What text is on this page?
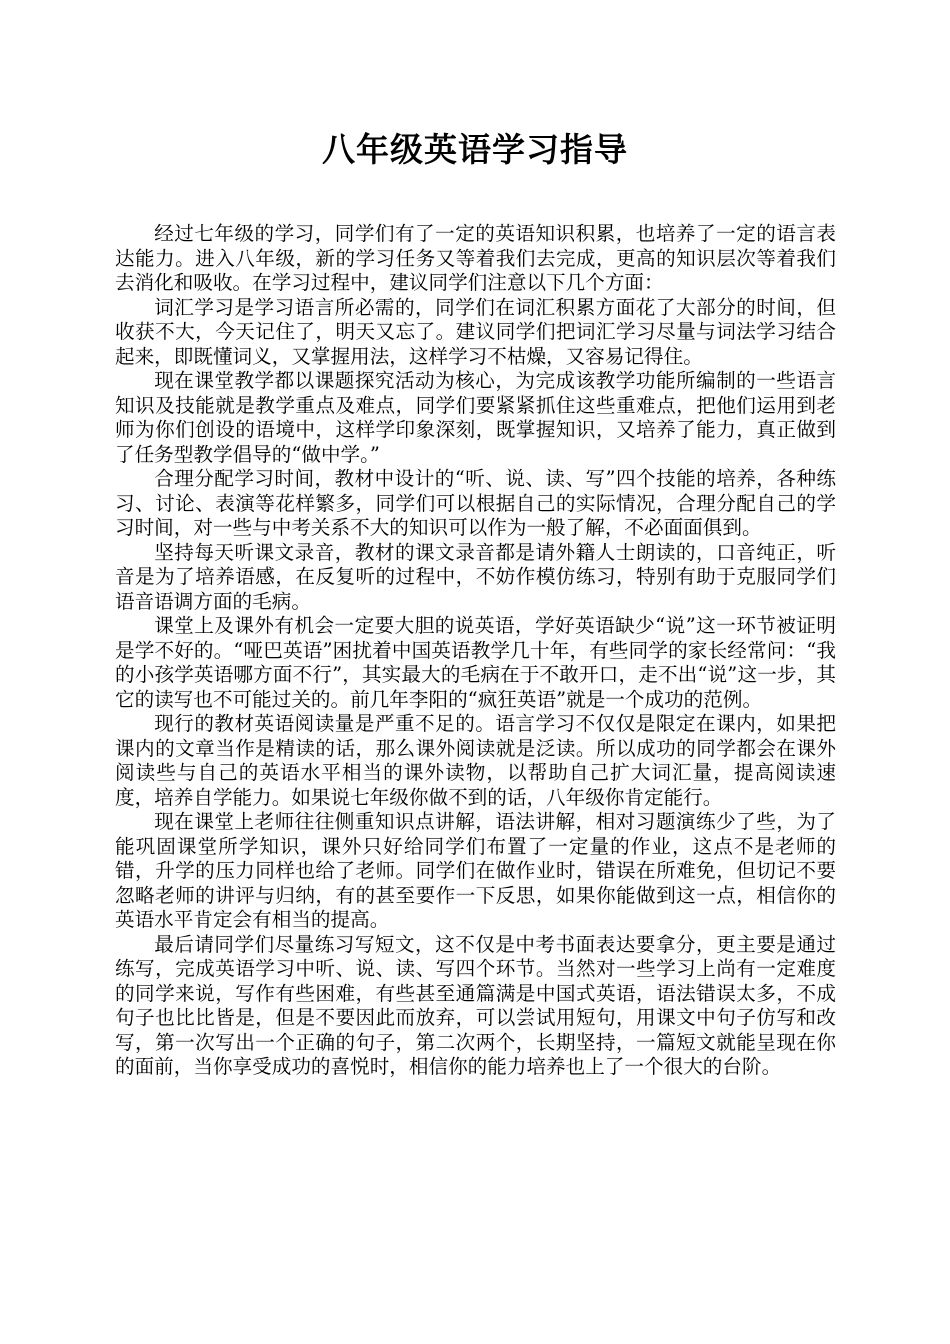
八年级英语学习指导

经过七年级的学习，同学们有了一定的英语知识积累，也培养了一定的语言表达能力。进入八年级，新的学习任务又等着我们去完成，更高的知识层次等着我们去消化和吸收。在学习过程中，建议同学们注意以下几个方面：

词汇学习是学习语言所必需的，同学们在词汇积累方面花了大部分的时间，但收获不大，今天记住了，明天又忘了。建议同学们把词汇学习尽量与词法学习结合起来，即既懂词义，又掌握用法，这样学习不枯燥，又容易记得住。

现在课堂教学都以课题探究活动为核心，为完成该教学功能所编制的一些语言知识及技能就是教学重点及难点，同学们要紧紧抓住这些重难点，把他们运用到老师为你们创设的语境中，这样学印象深刻，既掌握知识，又培养了能力，真正做到了任务型教学倡导的“做中学。”

合理分配学习时间，教材中设计的“听、说、读、写”四个技能的培养，各种练习、讨论、表演等花样繁多，同学们可以根据自己的实际情况，合理分配自己的学习时间，对一些与中考关系不大的知识可以作为一般了解，不必面面俱到。

坚持每天听课文录音，教材的课文录音都是请外籍人士朗读的，口音纯正，听音是为了培养语感，在反复听的过程中，不妨作模仿练习，特别有助于克服同学们语音语调方面的毛病。

课堂上及课外有机会一定要大胆的说英语，学好英语缺少“说”这一环节被证明是学不好的。“哑巴英语”困扰着中国英语教学几十年，有些同学的家长经常问：“我的小孩学英语哪方面不行”，其实最大的毛病在于不敢开口，走不出“说”这一步，其它的读写也不可能过关的。前几年李阳的“疯狂英语”就是一个成功的范例。

现行的教材英语阅读量是严重不足的。语言学习不仅仅是限定在课内，如果把课内的文章当作是精读的话，那么课外阅读就是泛读。所以成功的同学都会在课外阅读些与自己的英语水平相当的课外读物，以帮助自己扩大词汇量，提高阅读速度，培养自学能力。如果说七年级你做不到的话，八年级你肯定能行。

现在课堂上老师往往侧重知识点讲解，语法讲解，相对习题演练少了些，为了能巩固课堂所学知识，课外只好给同学们布置了一定量的作业，这点不是老师的错，升学的压力同样也给了老师。同学们在做作业时，错误在所难免，但切记不要忽略老师的讲评与归纳，有的甚至要作一下反思，如果你能做到这一点，相信你的英语水平肯定会有相当的提高。

最后请同学们尽量练习写短文，这不仅是中考书面表达要拿分，更主要是通过练写，完成英语学习中听、说、读、写四个环节。当然对一些学习上尚有一定难度的同学来说，写作有些困难，有些甚至通篇满是中国式英语，语法错误太多，不成句子也比比皆是，但是不要因此而放弃，可以尝试用短句，用课文中句子仿写和改写，第一次写出一个正确的句子，第二次两个，长期坚持，一篇短文就能呈现在你的面前，当你享受成功的喜悦时，相信你的能力培养也上了一个很大的台阶。
